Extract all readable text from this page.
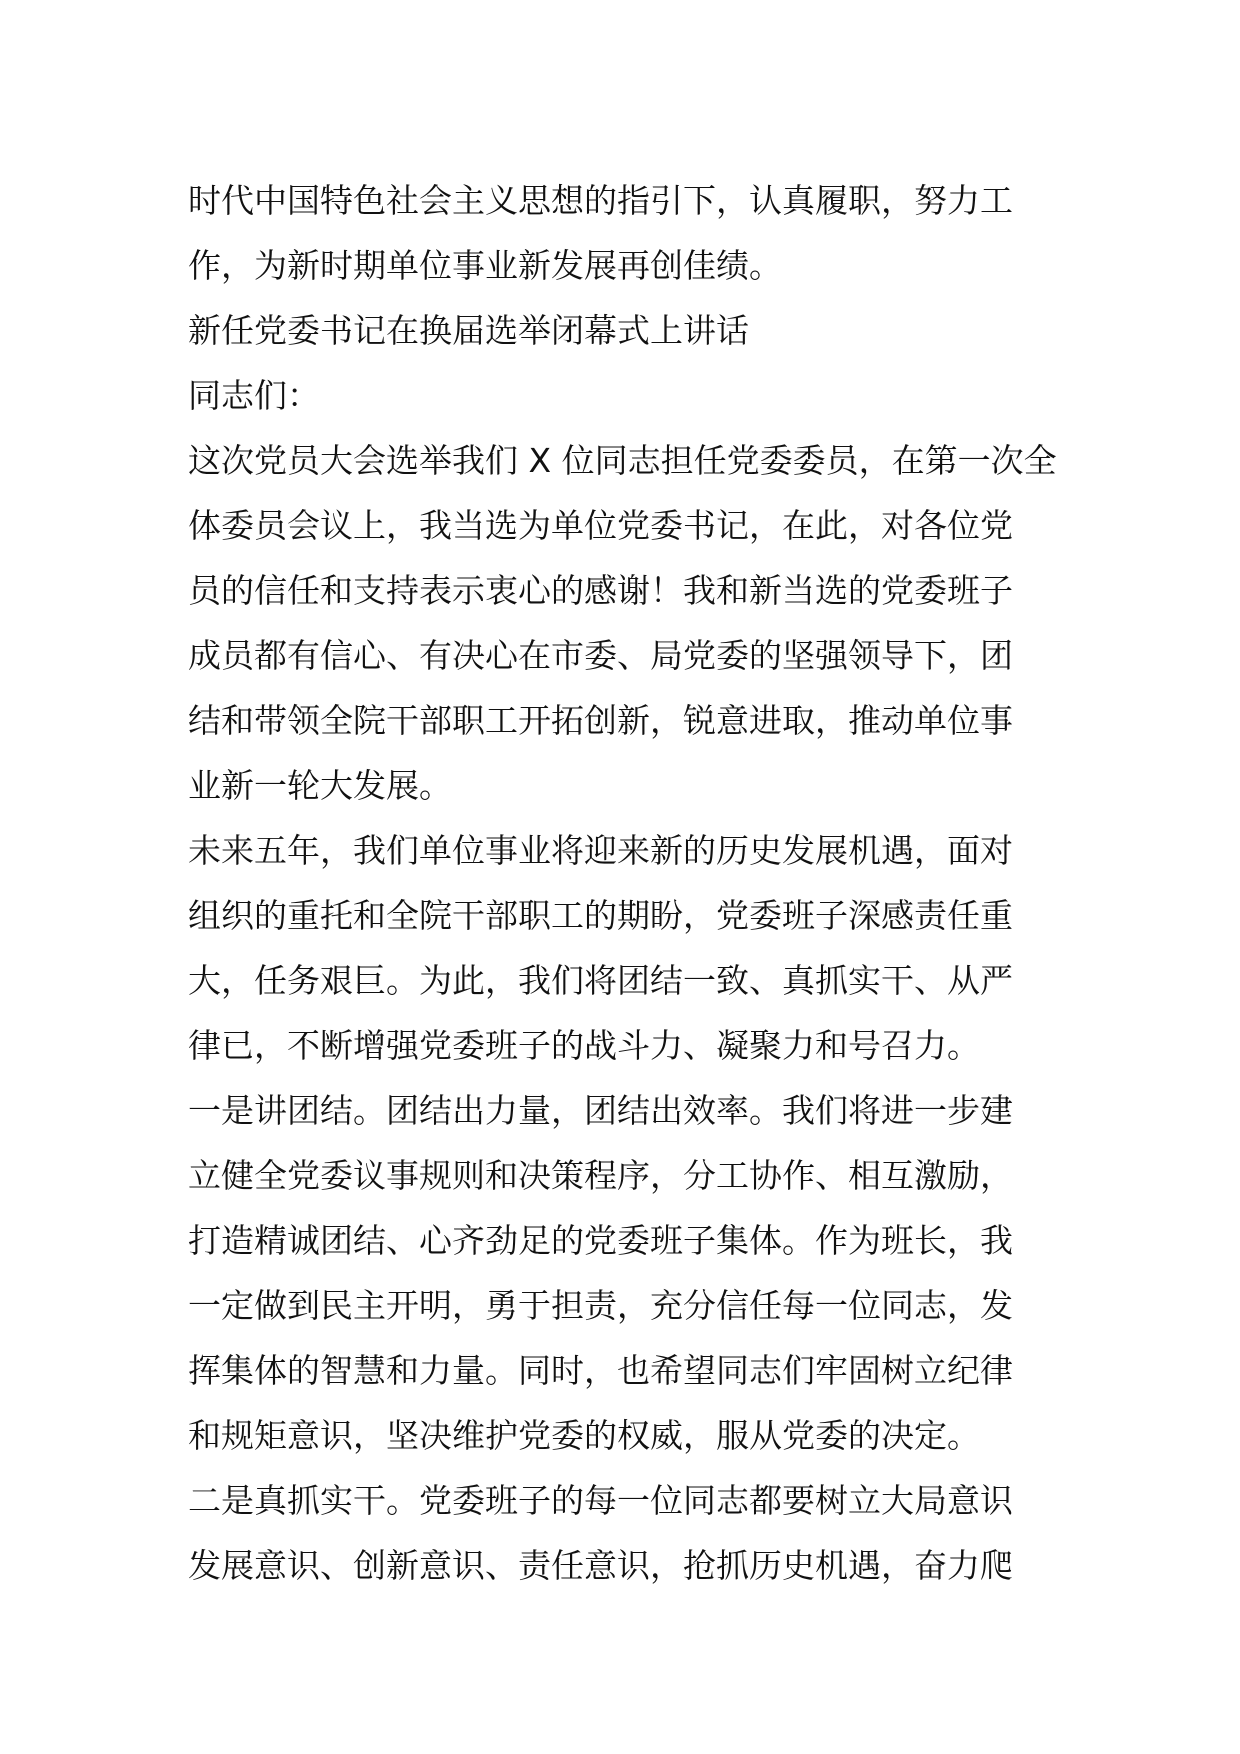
时代中国特色社会主义思想的指引下，认真履职，努力工
作，为新时期单位事业新发展再创佳绩。
新任党委书记在换届选举闭幕式上讲话
同志们：
这次党员大会选举我们 X 位同志担任党委委员，在第一次全
体委员会议上，我当选为单位党委书记，在此，对各位党
员的信任和支持表示衷心的感谢！我和新当选的党委班子
成员都有信心、有决心在市委、局党委的坚强领导下，团
结和带领全院干部职工开拓创新，锐意进取，推动单位事
业新一轮大发展。
未来五年，我们单位事业将迎来新的历史发展机遇，面对
组织的重托和全院干部职工的期盼，党委班子深感责任重
大，任务艰巨。为此，我们将团结一致、真抓实干、从严
律已，不断增强党委班子的战斗力、凝聚力和号召力。
一是讲团结。团结出力量，团结出效率。我们将进一步建
立健全党委议事规则和决策程序，分工协作、相互激励，
打造精诚团结、心齐劲足的党委班子集体。作为班长，我
一定做到民主开明，勇于担责，充分信任每一位同志，发
挥集体的智慧和力量。同时，也希望同志们牢固树立纪律
和规矩意识，坚决维护党委的权威，服从党委的决定。
二是真抓实干。党委班子的每一位同志都要树立大局意识
发展意识、创新意识、责任意识，抢抓历史机遇，奋力爬
